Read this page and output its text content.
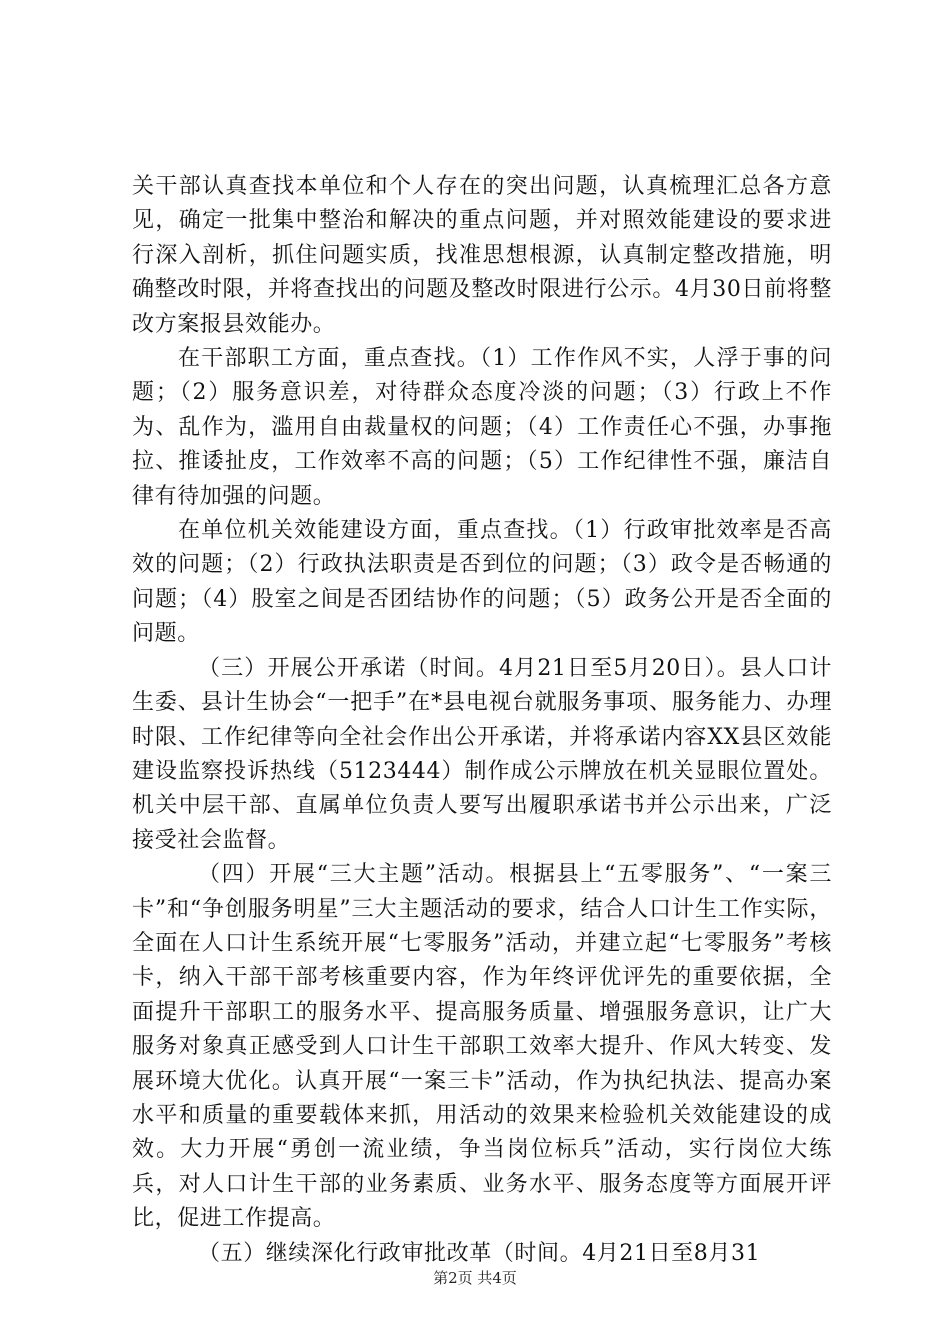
关干部认真查找本单位和个人存在的突出问题，认真梳理汇总各方意见，确定一批集中整治和解决的重点问题，并对照效能建设的要求进行深入剖析，抓住问题实质，找准思想根源，认真制定整改措施，明确整改时限，并将查找出的问题及整改时限进行公示。4月30日前将整改方案报县效能办。

在干部职工方面，重点查找。（1）工作作风不实，人浮于事的问题；（2）服务意识差，对待群众态度冷淡的问题；（3）行政上不作为、乱作为，滥用自由裁量权的问题；（4）工作责任心不强，办事拖拉、推诿扯皮，工作效率不高的问题；（5）工作纪律性不强，廉洁自律有待加强的问题。

在单位机关效能建设方面，重点查找。（1）行政审批效率是否高效的问题；（2）行政执法职责是否到位的问题；（3）政令是否畅通的问题；（4）股室之间是否团结协作的问题；（5）政务公开是否全面的问题。

（三）开展公开承诺（时间。4月21日至5月20日）。县人口计生委、县计生协会“一把手”在*县电视台就服务事项、服务能力、办理时限、工作纪律等向全社会作出公开承诺，并将承诺内容XX县区效能建设监察投诉热线（5123444）制作成公示牌放在机关显眼位置处。机关中层干部、直属单位负责人要写出履职承诺书并公示出来，广泛接受社会监督。

（四）开展“三大主题”活动。根据县上“五零服务”、“一案三卡”和“争创服务明星”三大主题活动的要求，结合人口计生工作实际，全面在人口计生系统开展“七零服务”活动，并建立起“七零服务”考核卡，纳入干部干部考核重要内容，作为年终评优评先的重要依据，全面提升干部职工的服务水平、提高服务质量、增强服务意识，让广大服务对象真正感受到人口计生干部职工效率大提升、作风大转变、发展环境大优化。认真开展“一案三卡”活动，作为执纪执法、提高办案水平和质量的重要载体来抓，用活动的效果来检验机关效能建设的成效。大力开展“勇创一流业绩，争当岗位标兵”活动，实行岗位大练兵，对人口计生干部的业务素质、业务水平、服务态度等方面展开评比，促进工作提高。

（五）继续深化行政审批改革（时间。4月21日至8月31

第2页 共4页
